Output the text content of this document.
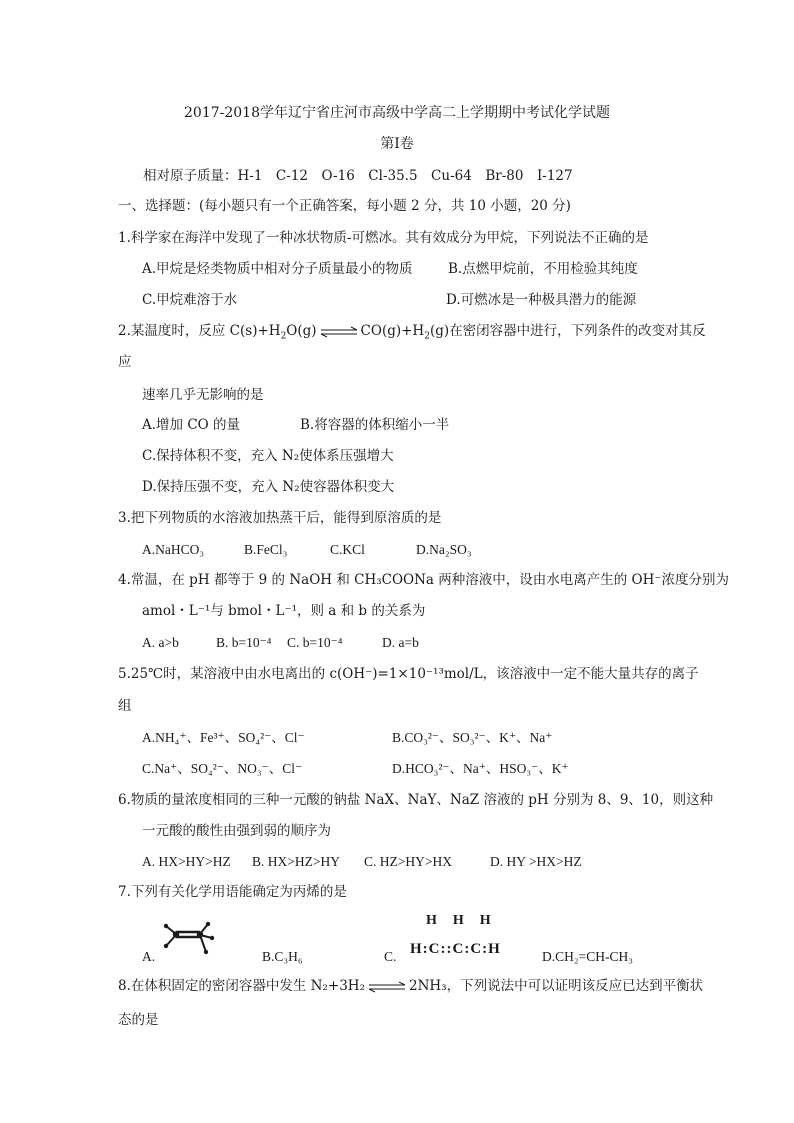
2017-2018学年辽宁省庄河市高级中学高二上学期期中考试化学试题
第Ⅰ卷
相对原子质量：H-1　C-12　O-16　Cl-35.5　Cu-64　Br-80　I-127
一、选择题：(每小题只有一个正确答案，每小题 2 分，共 10 小题，20 分)
1.科学家在海洋中发现了一种冰状物质-可燃冰。其有效成分为甲烷，下列说法不正确的是
A.甲烷是烃类物质中相对分子质量最小的物质	B.点燃甲烷前，不用检验其纯度
C.甲烷难溶于水	D.可燃冰是一种极具潜力的能源
2.某温度时，反应 $C(s)+H_2O(g)$ ⇌ $CO(g)+H_2(g)$在密闭容器中进行，下列条件的改变对其反
应
速率几乎无影响的是
A.增加 CO 的量	B.将容器的体积缩小一半
C.保持体积不变，充入 N₂使体系压强增大
D.保持压强不变，充入 N₂使容器体积变大
3.把下列物质的水溶液加热蒸干后，能得到原溶质的是
A.NaHCO₃	B.FeCl₃	C.KCl	D.Na₂SO₃
4.常温，在 pH 都等于 9 的 NaOH 和 CH₃COONa 两种溶液中，设由水电离产生的 OH⁻浓度分别为
amol・L⁻¹与 bmol・L⁻¹，则 a 和 b 的关系为
A. a>b	B. b=10⁻⁴ C. b=10⁻⁴	D. a=b
5.25℃时，某溶液中由水电离出的 c(OH⁻)=1×10⁻¹³mol/L，该溶液中一定不能大量共存的离子
组
A.NH₄⁺、Fe³⁺、SO₄²⁻、Cl⁻	B.CO₃²⁻、SO₃²⁻、K⁺、Na⁺
C.Na⁺、SO₄²⁻、NO₃⁻、Cl⁻	D.HCO₃²⁻、Na⁺、HSO₃⁻、K⁺
6.物质的量浓度相同的三种一元酸的钠盐 NaX、NaY、NaZ 溶液的 pH 分别为 8、9、10，则这种
一元酸的酸性由强到弱的顺序为
A. HX>HY>HZ B. HX>HZ>HY C. HZ>HY>HX	D. HY >HX>HZ
7.下列有关化学用语能确定为丙烯的是
A.	B.C₃H₆	C.
H　H　H
H:C::C:C:H	D.CH₂=CH-CH₃
8.在体积固定的密闭容器中发生 N₂+3H₂ ⇌ 2NH₃，下列说法中可以证明该反应已达到平衡状
态的是
